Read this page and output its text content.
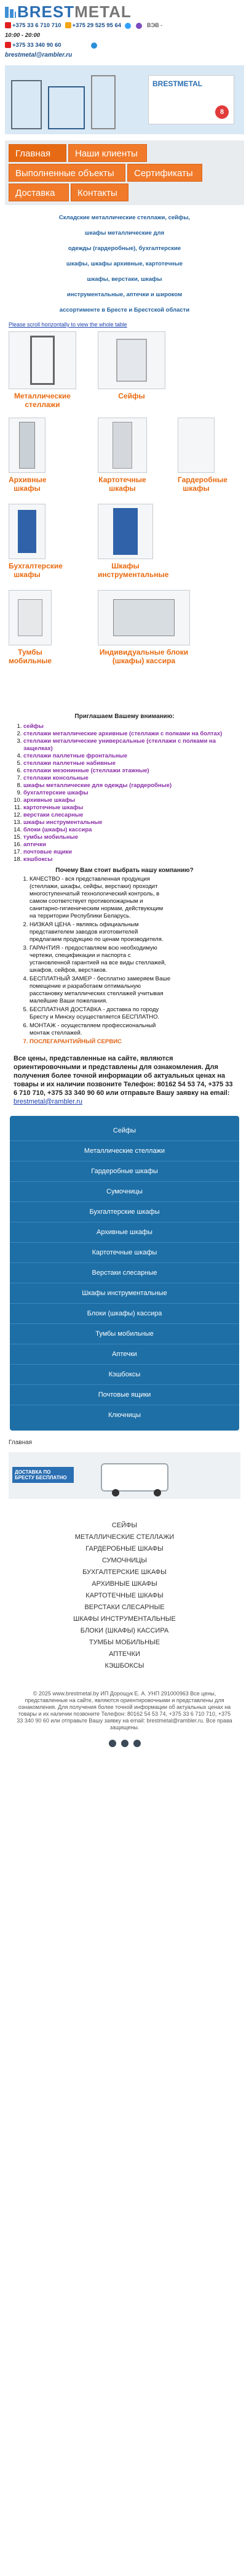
BRESTMETAL
+375 33 6 710 710	+375 29 525 95 64	ВЭВ -
10:00 - 20:00
+375 33 340 90 60
brestmetal@rambler.ru
BRESTMETAL
8
Главная	Наши клиенты
Выполненные объекты	Сертификаты
Доставка	Контакты
Складские металлические стеллажи, сейфы,
шкафы металлические для
одежды (гардеробные), бухгалтерские
шкафы, шкафы архивные, картотечные
шкафы, верстаки, шкафы
инструментальные, аптечки и широком
ассортименте в Бресте и Брестской области
Please scroll horizontally to view the whole table
Металлические стеллажи
Сейфы
Архивные шкафы
Картотечные шкафы
Гардеробные шкафы
Бухгалтерские шкафы
Шкафы инструментальные
Тумбы мобильные
Индивидуальные блоки (шкафы) кассира
Приглашаем Вашему вниманию:
1. сейфы
2. стеллажи металлические архивные (стеллажи с полками на болтах)
3. стеллажи металлические универсальные (стеллажи с полками на защелках)
4. стеллажи паллетные фронтальные
5. стеллажи паллетные набивные
6. стеллажи мезонинные (стеллажи этажные)
7. стеллажи консольные
8. шкафы металлические для одежды (гардеробные)
9. бухгалтерские шкафы
10. архивные шкафы
11. картотечные шкафы
12. верстаки слесарные
13. шкафы инструментальные
14. блоки (шкафы) кассира
15. тумбы мобильные
16. аптечки
17. почтовые ящики
18. кэшбоксы
Почему Вам стоит выбрать нашу компанию?
1. КАЧЕСТВО - вся представленная продукция (стеллажи, шкафы, сейфы, верстаки) проходит многоступенчатый технологический контроль, в самом соответствует противопожарным и санитарно-гигиеническим нормам, действующим на территории Республики Беларусь.
2. НИЗКАЯ ЦЕНА - являясь официальным представителем заводов изготовителей предлагаем продукцию по ценам производителя.
3. ГАРАНТИЯ - предоставляем всю необходимую чертежи, спецификации и паспорта с установленной гарантией на все виды стеллажей, шкафов, сейфов, верстаков.
4. БЕСПЛАТНЫЙ ЗАМЕР - бесплатно замеряем Ваше помещение и разработаем оптимальную расстановку металлических стеллажей учитывая малейшие Ваши пожелания.
5. БЕСПЛАТНАЯ ДОСТАВКА - доставка по городу Бресту и Минску осуществляется БЕСПЛАТНО.
6. МОНТАЖ - осуществляем профессиональный монтаж стеллажей.
7. ПОСЛЕГАРАНТИЙНЫЙ СЕРВИС
Все цены, представленные на сайте, являются ориентировочными и представлены для ознакомления. Для получения более точной информации об актуальных ценах на товары и их наличии позвоните Телефон: 80162 54 53 74, +375 33 6 710 710, +375 33 340 90 60 или отправьте Вашу заявку на email: brestmetal@rambler.ru
Сейфы
Металлические стеллажи
Гардеробные шкафы
Сумочницы
Бухгалтерские шкафы
Архивные шкафы
Картотечные шкафы
Верстаки слесарные
Шкафы инструментальные
Блоки (шкафы) кассира
Тумбы мобильные
Аптечки
Кэшбоксы
Почтовые ящики
Ключницы
Главная
ДОСТАВКА ПО БРЕСТУ БЕСПЛАТНО
СЕЙФЫ
МЕТАЛЛИЧЕСКИЕ СТЕЛЛАЖИ
ГАРДЕРОБНЫЕ ШКАФЫ
СУМОЧНИЦЫ
БУХГАЛТЕРСКИЕ ШКАФЫ
АРХИВНЫЕ ШКАФЫ
КАРТОТЕЧНЫЕ ШКАФЫ
ВЕРСТАКИ СЛЕСАРНЫЕ
ШКАФЫ ИНСТРУМЕНТАЛЬНЫЕ
БЛОКИ (ШКАФЫ) КАССИРА
ТУМБЫ МОБИЛЬНЫЕ
АПТЕЧКИ
КЭШБОКСЫ
© 2025 www.brestmetal.by ИП Дорощук Е. А. УНП 291000963 Все цены, представленные на сайте, являются ориентировочными и представлены для ознакомления. Для получения более точной информации об актуальных ценах на товары и их наличии позвоните Телефон: 80162 54 53 74, +375 33 6 710 710, +375 33 340 90 60 или отправьте Вашу заявку на email: brestmetal@rambler.ru. Все права защищены.
